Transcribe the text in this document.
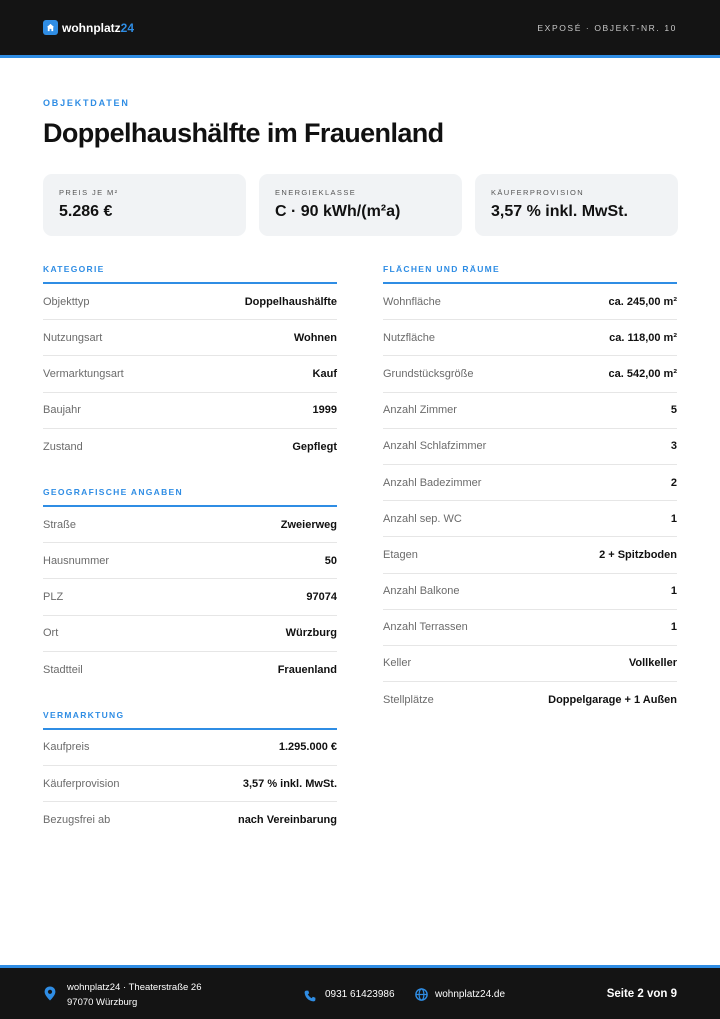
wohnplatz24	EXPOSÉ · OBJEKT-NR. 10
OBJEKTDATEN
Doppelhaushälfte im Frauenland
PREIS JE M²
5.286 €
ENERGIEKLASSE
C · 90 kWh/(m²a)
KÄUFERPROVISION
3,57 % inkl. MwSt.
KATEGORIE
Objekttyp	Doppelhaushälfte
Nutzungsart	Wohnen
Vermarktungsart	Kauf
Baujahr	1999
Zustand	Gepflegt
GEOGRAFISCHE ANGABEN
Straße	Zweierweg
Hausnummer	50
PLZ	97074
Ort	Würzburg
Stadtteil	Frauenland
VERMARKTUNG
Kaufpreis	1.295.000 €
Käuferprovision	3,57 % inkl. MwSt.
Bezugsfrei ab	nach Vereinbarung
FLÄCHEN UND RÄUME
Wohnfläche	ca. 245,00 m²
Nutzfläche	ca. 118,00 m²
Grundstücksgröße	ca. 542,00 m²
Anzahl Zimmer	5
Anzahl Schlafzimmer	3
Anzahl Badezimmer	2
Anzahl sep. WC	1
Etagen	2 + Spitzboden
Anzahl Balkone	1
Anzahl Terrassen	1
Keller	Vollkeller
Stellplätze	Doppelgarage + 1 Außen
wohnplatz24 · Theaterstraße 26
97070 Würzburg
0931 61423986	wohnplatz24.de	Seite 2 von 9
